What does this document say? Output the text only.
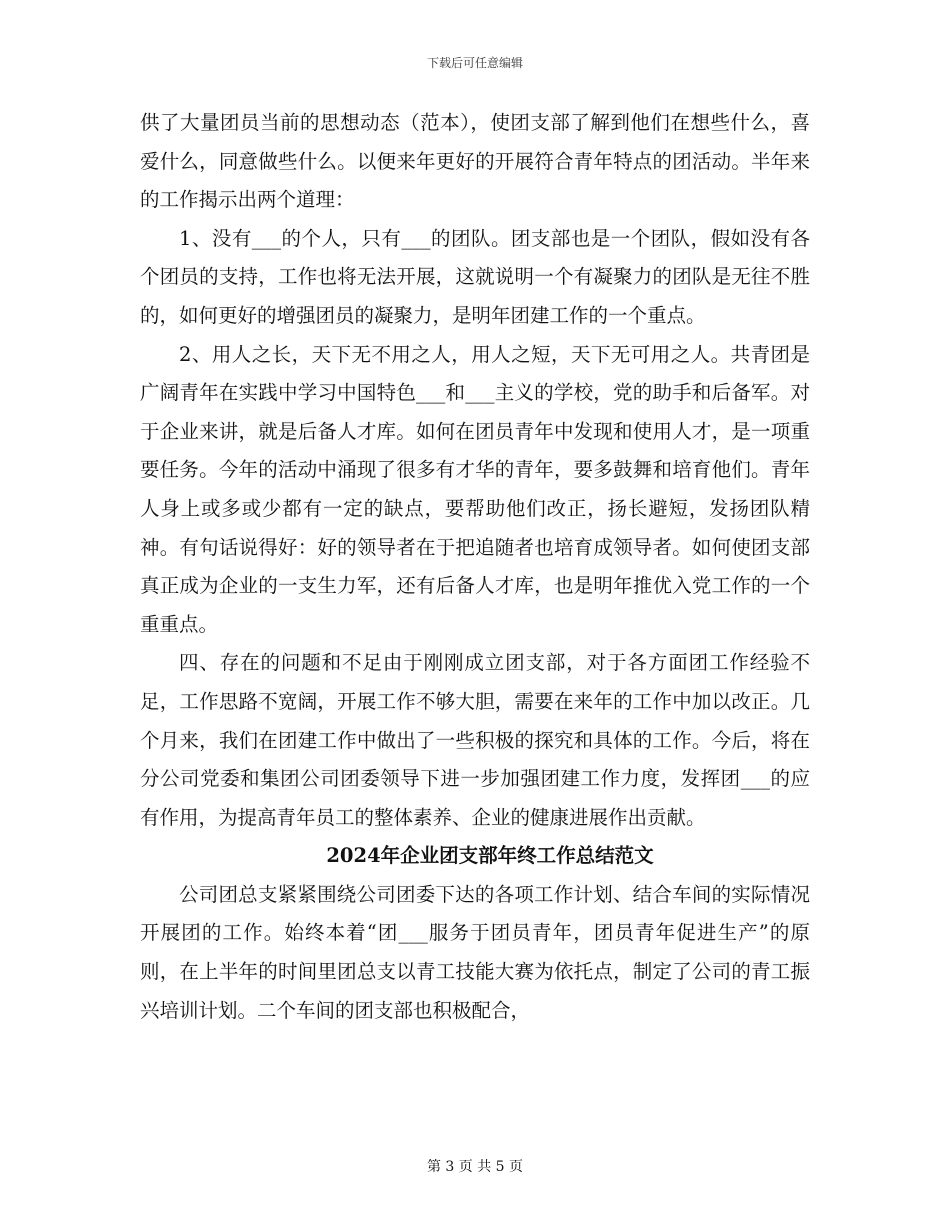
下载后可任意编辑

供了大量团员当前的思想动态（范本），使团支部了解到他们在想些什么，喜爱什么，同意做些什么。以便来年更好的开展符合青年特点的团活动。半年来的工作揭示出两个道理：

1、没有___的个人，只有___的团队。团支部也是一个团队，假如没有各个团员的支持，工作也将无法开展，这就说明一个有凝聚力的团队是无往不胜的，如何更好的增强团员的凝聚力，是明年团建工作的一个重点。

2、用人之长，天下无不用之人，用人之短，天下无可用之人。共青团是广阔青年在实践中学习中国特色___和___主义的学校，党的助手和后备军。对于企业来讲，就是后备人才库。如何在团员青年中发现和使用人才，是一项重要任务。今年的活动中涌现了很多有才华的青年，要多鼓舞和培育他们。青年人身上或多或少都有一定的缺点，要帮助他们改正，扬长避短，发扬团队精神。有句话说得好：好的领导者在于把追随者也培育成领导者。如何使团支部真正成为企业的一支生力军，还有后备人才库，也是明年推优入党工作的一个重重点。

四、存在的问题和不足由于刚刚成立团支部，对于各方面团工作经验不足，工作思路不宽阔，开展工作不够大胆，需要在来年的工作中加以改正。几个月来，我们在团建工作中做出了一些积极的探究和具体的工作。今后，将在分公司党委和集团公司团委领导下进一步加强团建工作力度，发挥团___的应有作用，为提高青年员工的整体素养、企业的健康进展作出贡献。

2024年企业团支部年终工作总结范文

公司团总支紧紧围绕公司团委下达的各项工作计划、结合车间的实际情况开展团的工作。始终本着“团___服务于团员青年，团员青年促进生产”的原则，在上半年的时间里团总支以青工技能大赛为依托点，制定了公司的青工振兴培训计划。二个车间的团支部也积极配合，

第 3 页 共 5 页
